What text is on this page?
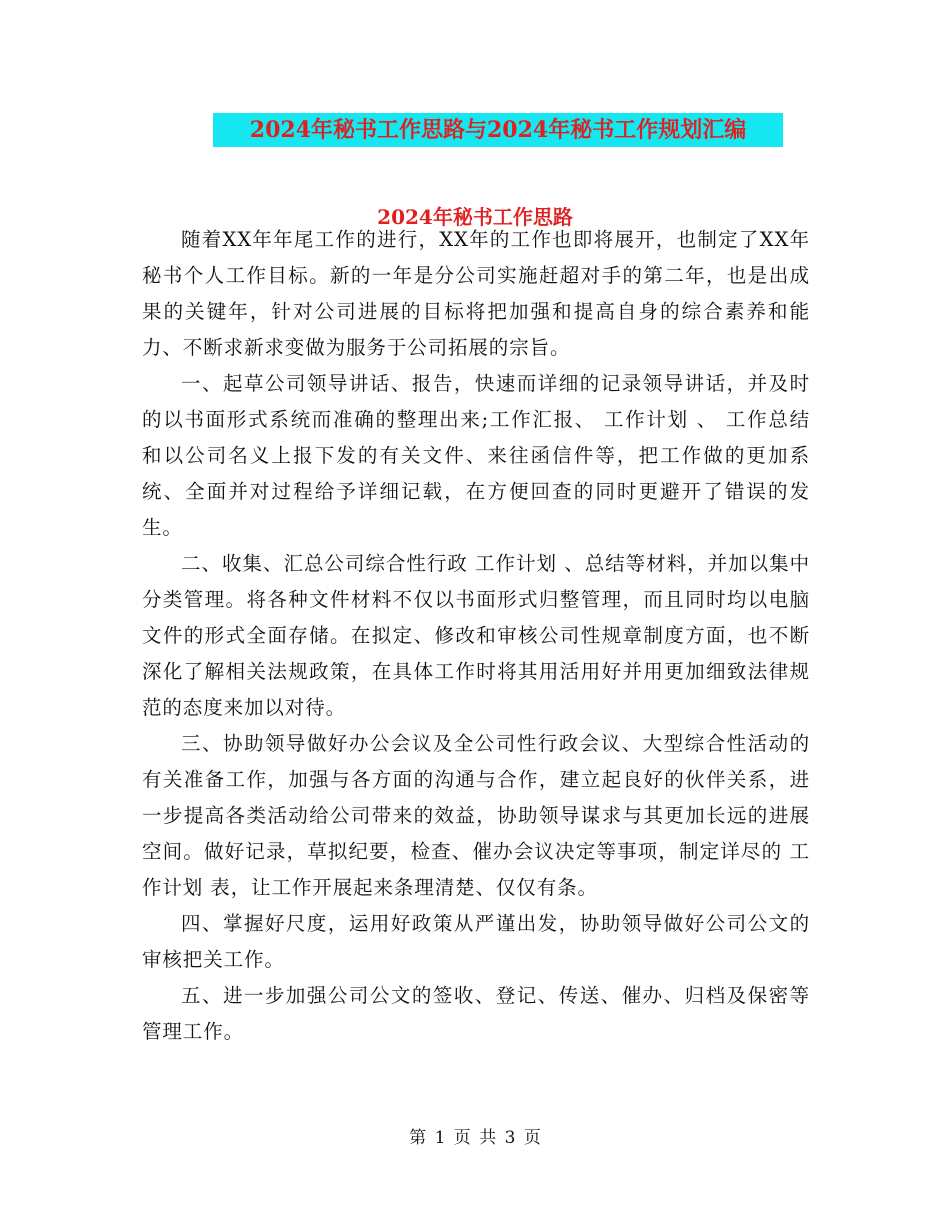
2024年秘书工作思路与2024年秘书工作规划汇编
2024年秘书工作思路

随着XX年年尾工作的进行，XX年的工作也即将展开，也制定了XX年秘书个人工作目标。新的一年是分公司实施赶超对手的第二年，也是出成果的关键年，针对公司进展的目标将把加强和提高自身的综合素养和能力、不断求新求变做为服务于公司拓展的宗旨。

一、起草公司领导讲话、报告，快速而详细的记录领导讲话，并及时的以书面形式系统而准确的整理出来;工作汇报、 工作计划 、 工作总结 和以公司名义上报下发的有关文件、来往函信件等，把工作做的更加系统、全面并对过程给予详细记载，在方便回查的同时更避开了错误的发生。

二、收集、汇总公司综合性行政 工作计划 、总结等材料，并加以集中分类管理。将各种文件材料不仅以书面形式归整管理，而且同时均以电脑文件的形式全面存储。在拟定、修改和审核公司性规章制度方面，也不断深化了解相关法规政策，在具体工作时将其用活用好并用更加细致法律规范的态度来加以对待。

三、协助领导做好办公会议及全公司性行政会议、大型综合性活动的有关准备工作，加强与各方面的沟通与合作，建立起良好的伙伴关系，进一步提高各类活动给公司带来的效益，协助领导谋求与其更加长远的进展空间。做好记录，草拟纪要，检查、催办会议决定等事项，制定详尽的 工作计划 表，让工作开展起来条理清楚、仅仅有条。

四、掌握好尺度，运用好政策从严谨出发，协助领导做好公司公文的审核把关工作。

五、进一步加强公司公文的签收、登记、传送、催办、归档及保密等管理工作。

第 1 页 共 3 页
